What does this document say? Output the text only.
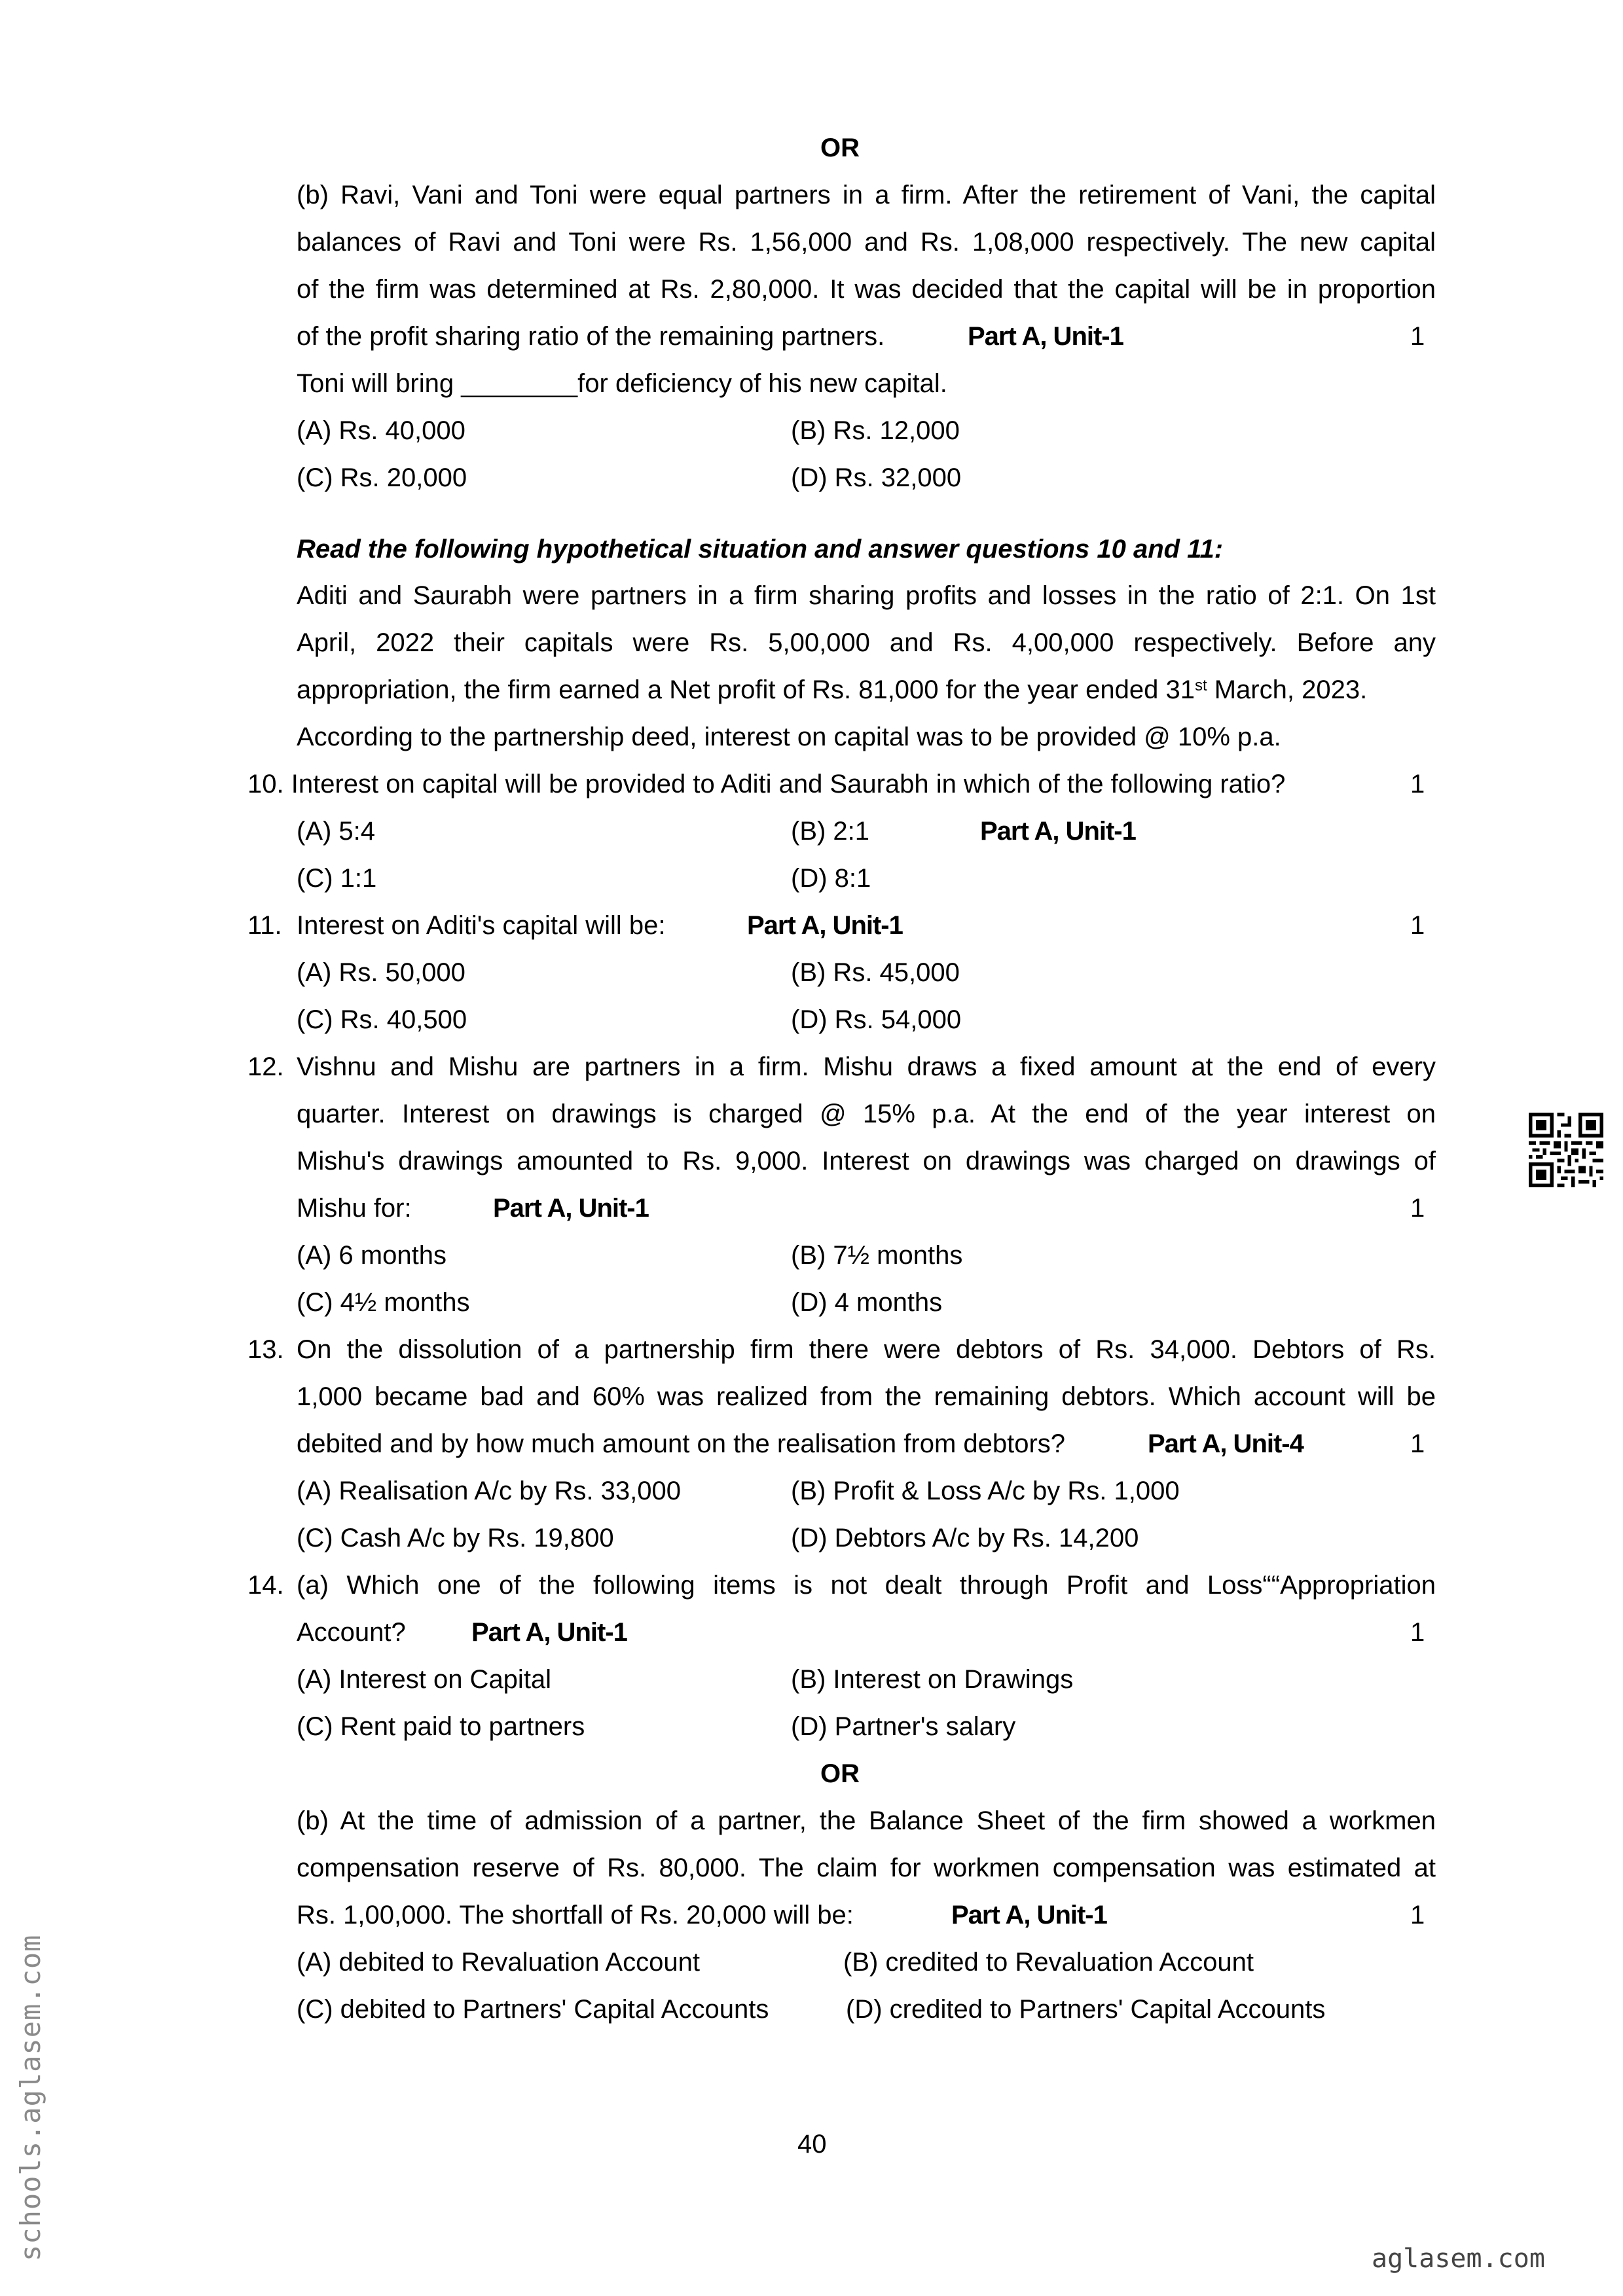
OR
(b) Ravi, Vani and Toni were equal partners in a firm. After the retirement of Vani, the capital
balances of Ravi and Toni were Rs. 1,56,000 and Rs. 1,08,000 respectively. The new capital
of the firm was determined at Rs. 2,80,000. It was decided that the capital will be in proportion
of the profit sharing ratio of the remaining partners.	Part A, Unit-1	1
Toni will bring ________for deficiency of his new capital.
(A) Rs. 40,000	(B) Rs. 12,000
(C) Rs. 20,000	(D) Rs. 32,000
Read the following hypothetical situation and answer questions 10 and 11:
Aditi and Saurabh were partners in a firm sharing profits and losses in the ratio of 2:1. On 1st
April, 2022 their capitals were Rs. 5,00,000 and Rs. 4,00,000 respectively. Before any
appropriation, the firm earned a Net profit of Rs. 81,000 for the year ended 31st March, 2023.
According to the partnership deed, interest on capital was to be provided @ 10% p.a.
10. Interest on capital will be provided to Aditi and Saurabh in which of the following ratio?	1
(A) 5:4	(B) 2:1	Part A, Unit-1
(C) 1:1	(D) 8:1
11. Interest on Aditi's capital will be:	Part A, Unit-1	1
(A) Rs. 50,000	(B) Rs. 45,000
(C) Rs. 40,500	(D) Rs. 54,000
12. Vishnu and Mishu are partners in a firm. Mishu draws a fixed amount at the end of every
quarter. Interest on drawings is charged @ 15% p.a. At the end of the year interest on
Mishu's drawings amounted to Rs. 9,000. Interest on drawings was charged on drawings of
Mishu for:	Part A, Unit-1	1
(A) 6 months	(B) 7½ months
(C) 4½ months	(D) 4 months
13. On the dissolution of a partnership firm there were debtors of Rs. 34,000. Debtors of Rs.
1,000 became bad and 60% was realized from the remaining debtors. Which account will be
debited and by how much amount on the realisation from debtors?	Part A, Unit-4	1
(A) Realisation A/c by Rs. 33,000	(B) Profit & Loss A/c by Rs. 1,000
(C) Cash A/c by Rs. 19,800	(D) Debtors A/c by Rs. 14,200
14. (a) Which one of the following items is not dealt through Profit and Loss““Appropriation
Account?	Part A, Unit-1	1
(A) Interest on Capital	(B) Interest on Drawings
(C) Rent paid to partners	(D) Partner's salary
OR
(b) At the time of admission of a partner, the Balance Sheet of the firm showed a workmen
compensation reserve of Rs. 80,000. The claim for workmen compensation was estimated at
Rs. 1,00,000. The shortfall of Rs. 20,000 will be:	Part A, Unit-1	1
(A) debited to Revaluation Account	(B) credited to Revaluation Account
(C) debited to Partners' Capital Accounts	(D) credited to Partners' Capital Accounts
40
schools.aglasem.com	aglasem.com
